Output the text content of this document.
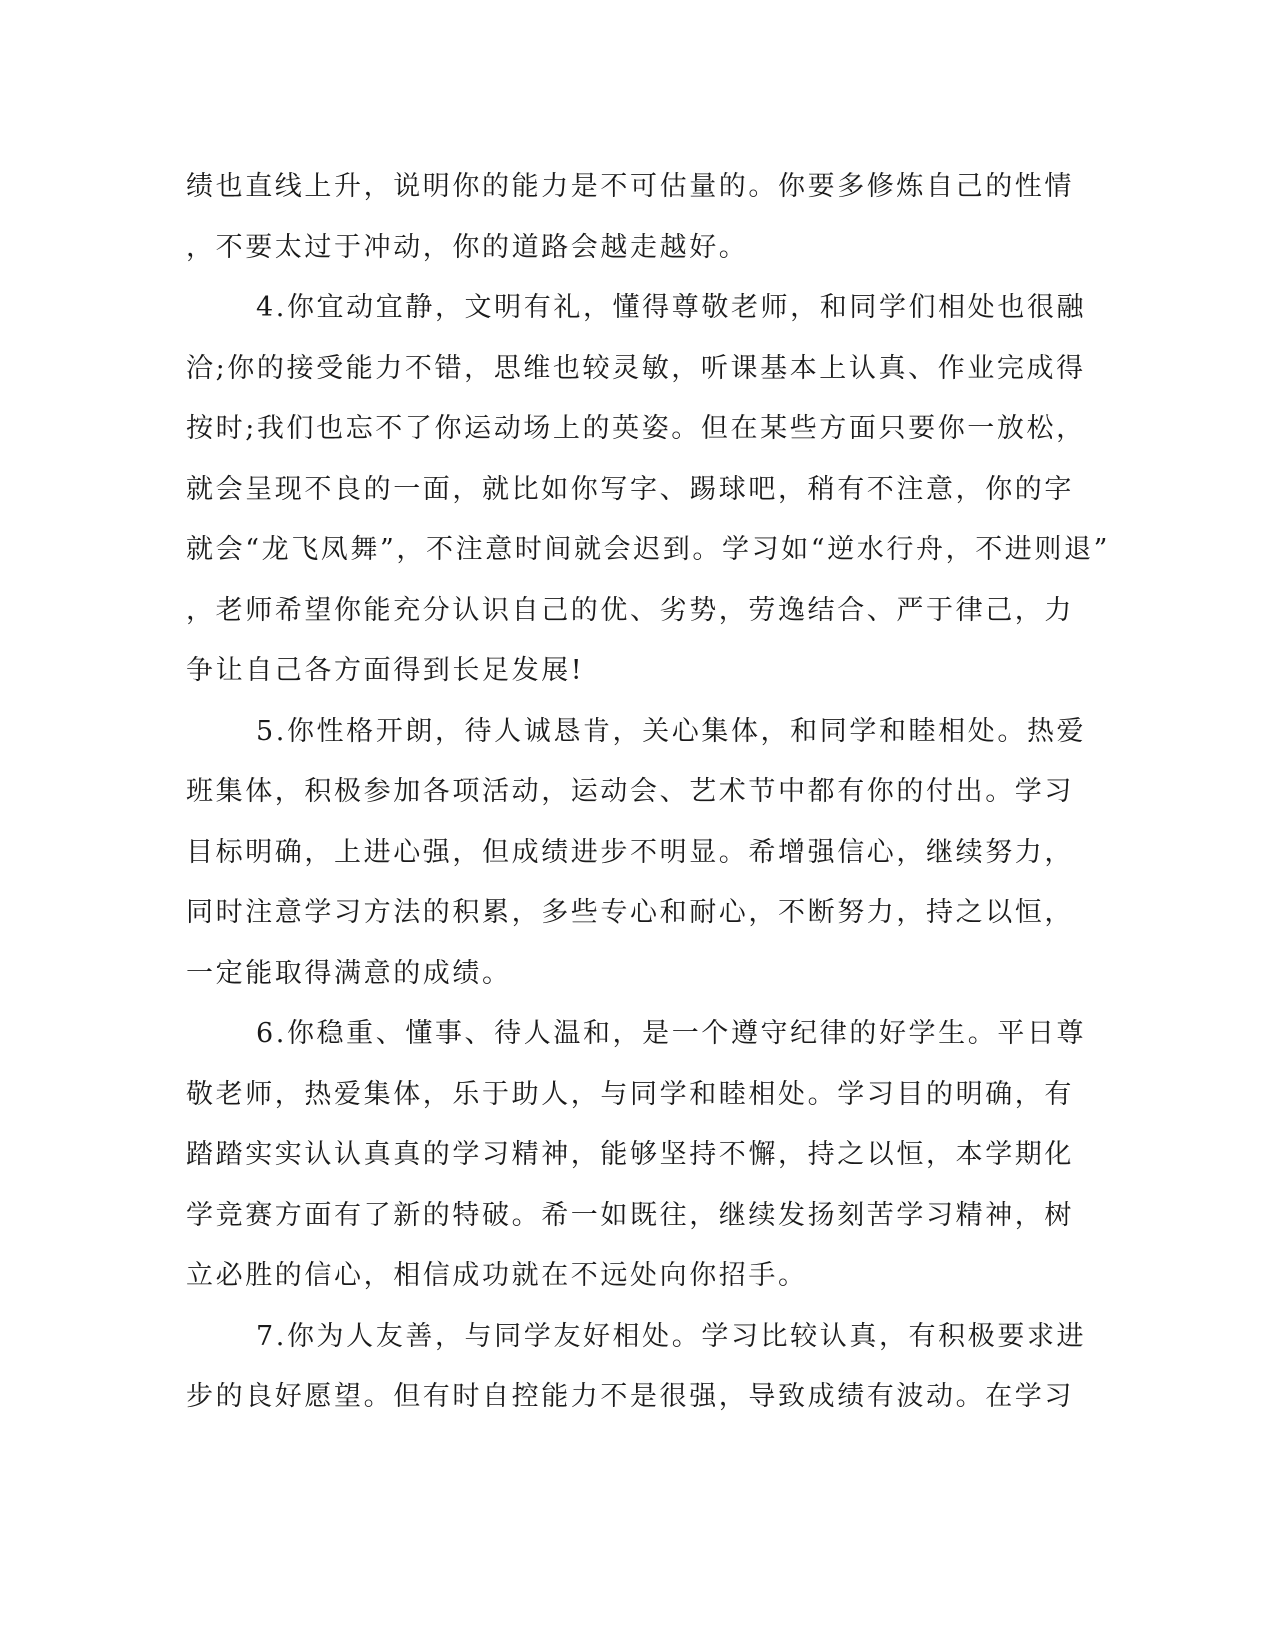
绩也直线上升，说明你的能力是不可估量的。你要多修炼自己的性情
，不要太过于冲动，你的道路会越走越好。
4.你宜动宜静，文明有礼，懂得尊敬老师，和同学们相处也很融
洽;你的接受能力不错，思维也较灵敏，听课基本上认真、作业完成得
按时;我们也忘不了你运动场上的英姿。但在某些方面只要你一放松，
就会呈现不良的一面，就比如你写字、踢球吧，稍有不注意，你的字
就会“龙飞凤舞”，不注意时间就会迟到。学习如“逆水行舟，不进则退”
，老师希望你能充分认识自己的优、劣势，劳逸结合、严于律己，力
争让自己各方面得到长足发展!
5.你性格开朗，待人诚恳肯，关心集体，和同学和睦相处。热爱
班集体，积极参加各项活动，运动会、艺术节中都有你的付出。学习
目标明确，上进心强，但成绩进步不明显。希增强信心，继续努力，
同时注意学习方法的积累，多些专心和耐心，不断努力，持之以恒，
一定能取得满意的成绩。
6.你稳重、懂事、待人温和，是一个遵守纪律的好学生。平日尊
敬老师，热爱集体，乐于助人，与同学和睦相处。学习目的明确，有
踏踏实实认认真真的学习精神，能够坚持不懈，持之以恒，本学期化
学竞赛方面有了新的特破。希一如既往，继续发扬刻苦学习精神，树
立必胜的信心，相信成功就在不远处向你招手。
7.你为人友善，与同学友好相处。学习比较认真，有积极要求进
步的良好愿望。但有时自控能力不是很强，导致成绩有波动。在学习
